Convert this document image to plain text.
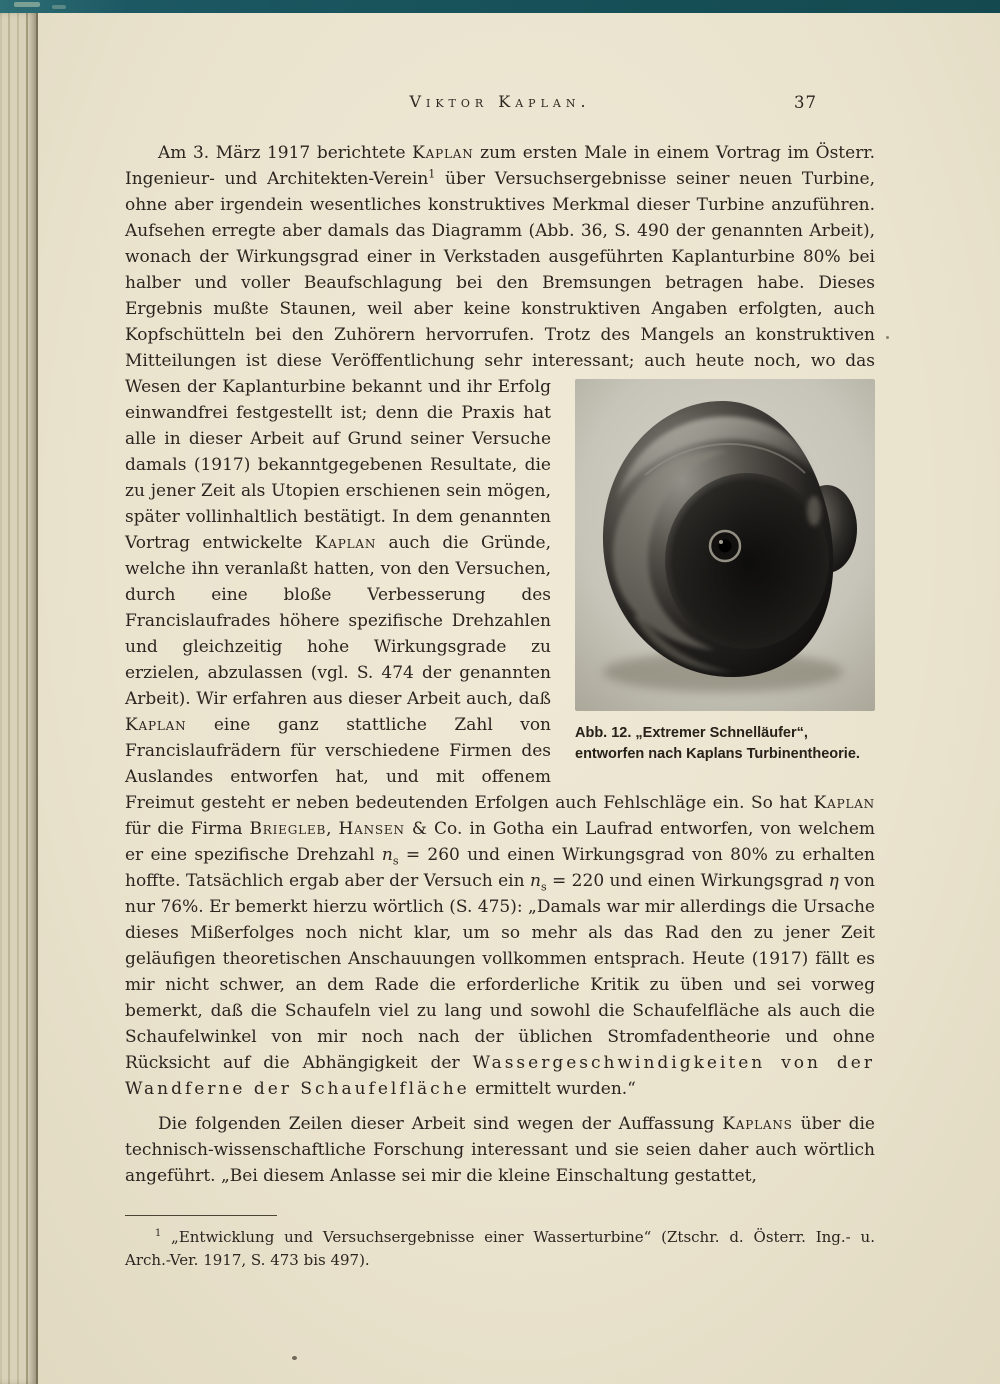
Viktor Kaplan.	37
Am 3. März 1917 berichtete Kaplan zum ersten Male in einem Vortrag im Österr. Ingenieur- und Architekten-Verein$^1$ über Versuchsergebnisse seiner neuen Turbine, ohne aber irgendein wesentliches konstruktives Merkmal dieser Turbine anzuführen. Aufsehen erregte aber damals das Diagramm (Abb. 36, S. 490 der genannten Arbeit), wonach der Wirkungsgrad einer in Verkstaden ausgeführten Kaplanturbine 80% bei halber und voller Beaufschlagung bei den Bremsungen betragen habe. Dieses Ergebnis mußte Staunen, weil aber keine konstruktiven Angaben erfolgten, auch Kopfschütteln bei den Zuhörern hervorrufen. Trotz des Mangels an konstruktiven Mitteilungen ist diese Veröffentlichung sehr interessant; auch heute noch, wo das Wesen der Kaplanturbine bekannt und ihr Erfolg
Abb. 12. „Extremer Schnelläufer“, entworfen nach Kaplans Turbinentheorie.
einwandfrei festgestellt ist; denn die Praxis hat alle in dieser Arbeit auf Grund seiner Versuche damals (1917) bekanntgegebenen Resultate, die zu jener Zeit als Utopien erschienen sein mögen, später vollinhaltlich bestätigt. In dem genannten Vortrag entwickelte Kaplan auch die Gründe, welche ihn veranlaßt hatten, von den Versuchen, durch eine bloße Verbesserung des Francislaufrades höhere spezifische Drehzahlen und gleichzeitig hohe Wirkungsgrade zu erzielen, abzulassen (vgl. S. 474 der genannten Arbeit). Wir erfahren aus dieser Arbeit auch, daß Kaplan eine ganz stattliche Zahl von Francislaufrädern für verschiedene Firmen des Auslandes entworfen hat, und mit offenem Freimut gesteht er neben bedeutenden Erfolgen auch Fehlschläge ein. So hat Kaplan für die Firma Briegleb, Hansen & Co. in Gotha ein Laufrad entworfen, von welchem er eine spezifische Drehzahl $n_s = 260$ und einen Wirkungsgrad von 80% zu erhalten hoffte. Tatsächlich ergab aber der Versuch ein $n_s = 220$ und einen Wirkungsgrad η von nur 76%. Er bemerkt hierzu wörtlich (S. 475): „Damals war mir allerdings die Ursache dieses Mißerfolges noch nicht klar, um so mehr als das Rad den zu jener Zeit geläufigen theoretischen Anschauungen vollkommen entsprach. Heute (1917) fällt es mir nicht schwer, an dem Rade die erforderliche Kritik zu üben und sei vorweg bemerkt, daß die Schaufeln viel zu lang und sowohl die Schaufelfläche als auch die Schaufelwinkel von mir noch nach der üblichen Stromfadentheorie und ohne Rücksicht auf die Abhängigkeit der Wassergeschwindigkeiten von der Wandferne der Schaufelfläche ermittelt wurden.“
Die folgenden Zeilen dieser Arbeit sind wegen der Auffassung Kaplans über die technisch-wissenschaftliche Forschung interessant und sie seien daher auch wörtlich angeführt. „Bei diesem Anlasse sei mir die kleine Einschaltung gestattet,
$^1$ „Entwicklung und Versuchsergebnisse einer Wasserturbine“ (Ztschr. d. Österr. Ing.- u. Arch.-Ver. 1917, S. 473 bis 497).
